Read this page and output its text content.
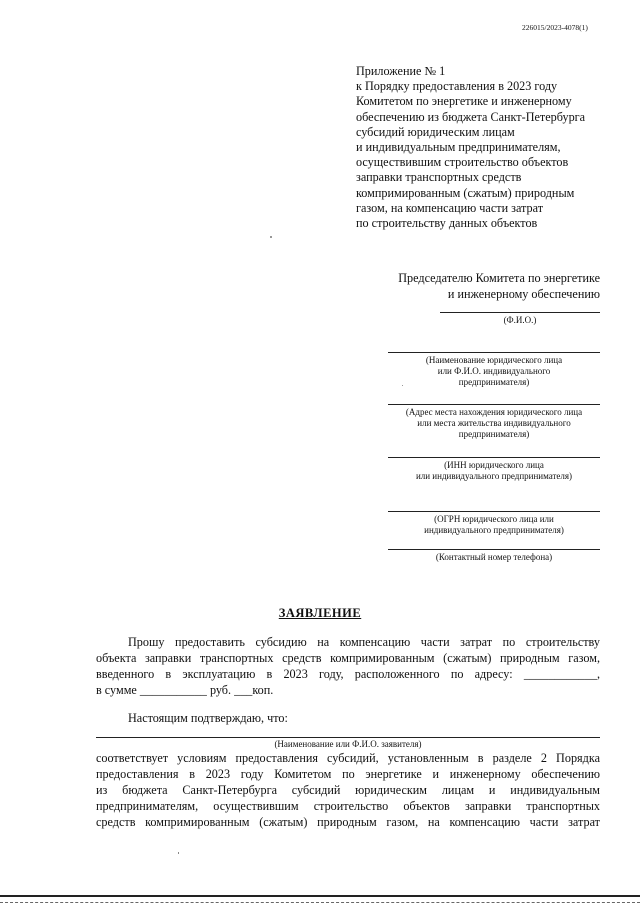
226015/2023-4078(1)
Приложение № 1
к Порядку предоставления в 2023 году
Комитетом по энергетике и инженерному
обеспечению из бюджета Санкт-Петербурга
субсидий юридическим лицам
и индивидуальным предпринимателям,
осуществившим строительство объектов
заправки транспортных средств
компримированным (сжатым) природным
газом, на компенсацию части затрат
по строительству данных объектов
Председателю Комитета по энергетике
и инженерному обеспечению
(Ф.И.О.)
(Наименование юридического лица
или Ф.И.О. индивидуального
предпринимателя)
(Адрес места нахождения юридического лица
или места жительства индивидуального
предпринимателя)
(ИНН юридического лица
или индивидуального предпринимателя)
(ОГРН юридического лица или
индивидуального предпринимателя)
(Контактный номер телефона)
ЗАЯВЛЕНИЕ
Прошу предоставить субсидию на компенсацию части затрат по строительству
объекта заправки транспортных средств компримированным (сжатым) природным газом,
введенного в эксплуатацию в 2023 году, расположенного по адресу: ____________,
в сумме ___________ руб. ___коп.
Настоящим подтверждаю, что:
(Наименование или Ф.И.О. заявителя)
соответствует условиям предоставления субсидий, установленным в разделе 2 Порядка
предоставления в 2023 году Комитетом по энергетике и инженерному обеспечению
из бюджета Санкт-Петербурга субсидий юридическим лицам и индивидуальным
предпринимателям, осуществившим строительство объектов заправки транспортных
средств компримированным (сжатым) природным газом, на компенсацию части затрат
